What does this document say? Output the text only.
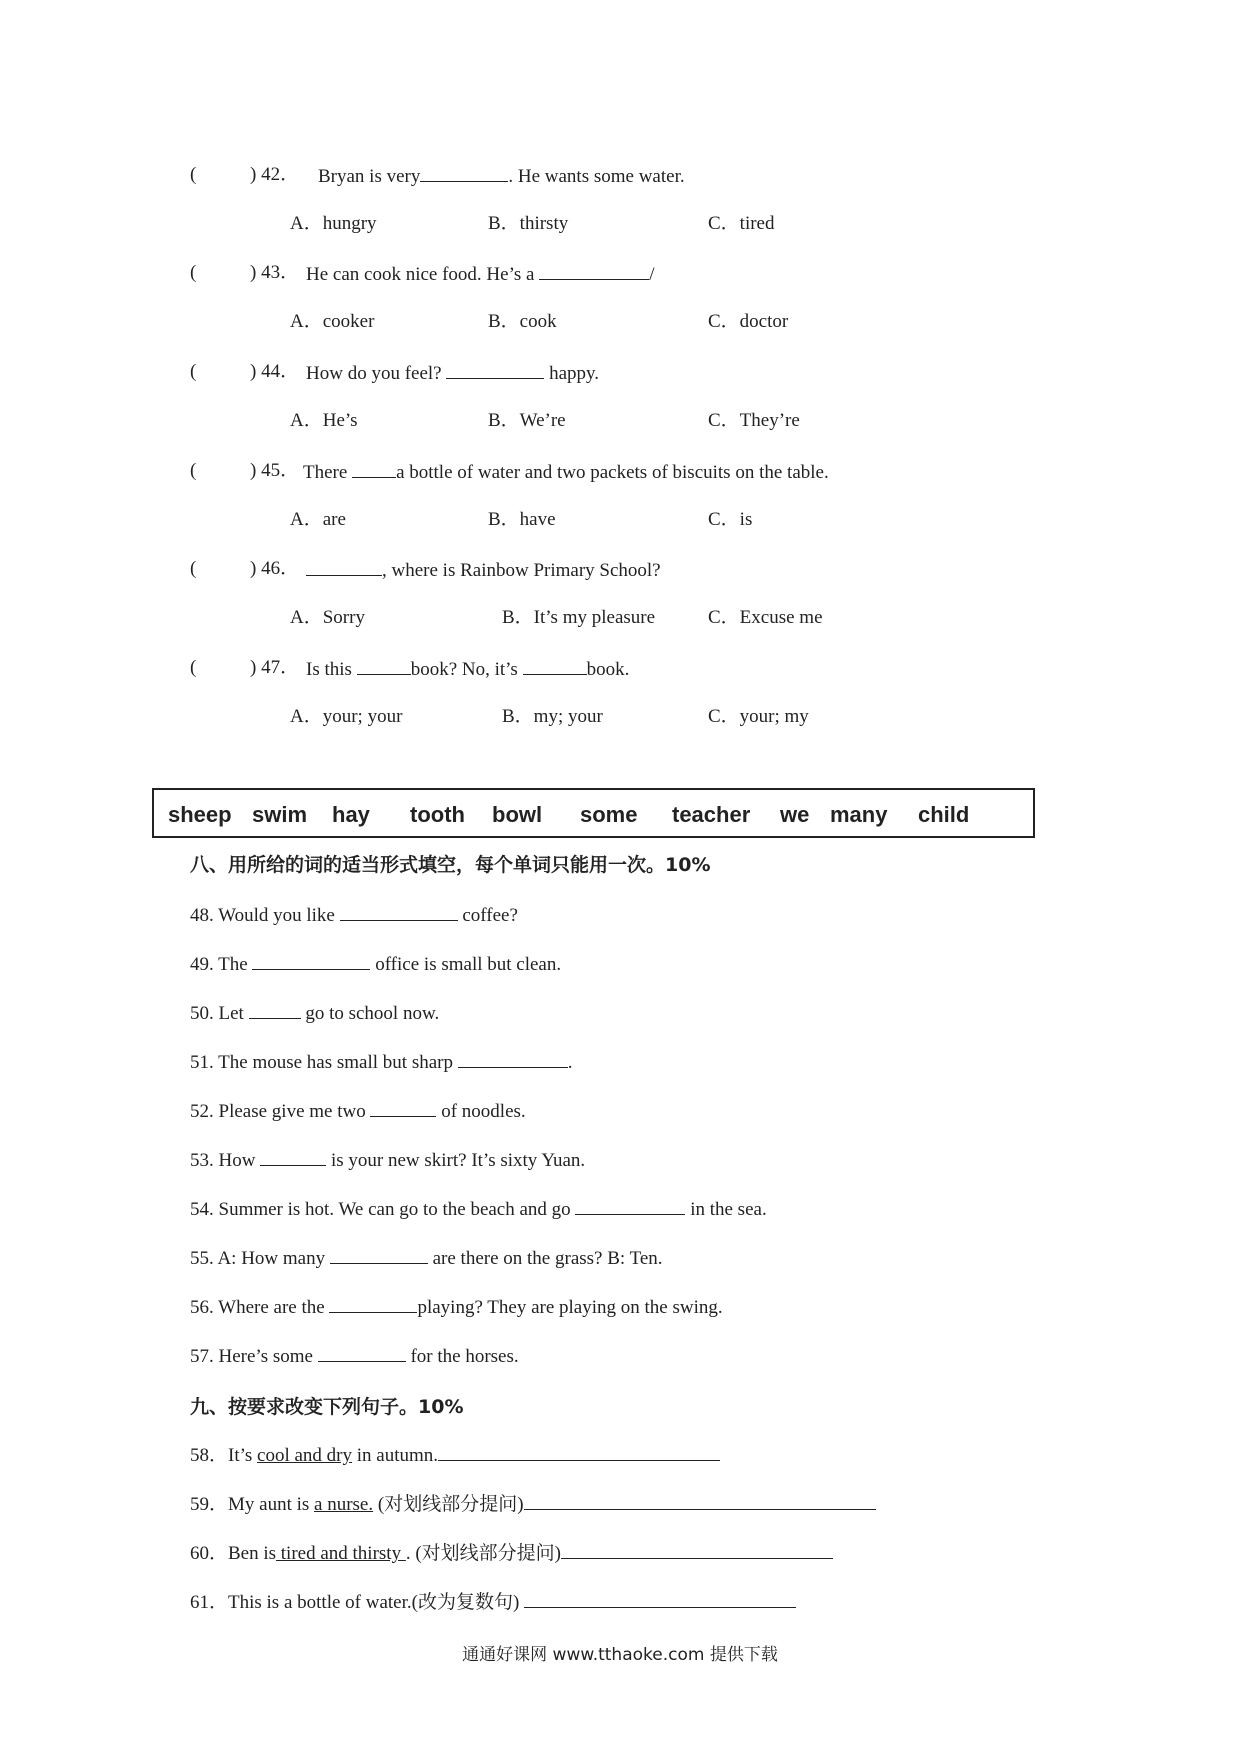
(	) 42． Bryan is very	. He wants some water.
A．hungry	B．thirsty	C．tired
(	) 43． He can cook nice food. He’s a	/
A．cooker	B．cook	C．doctor
(	) 44． How do you feel?	happy.
A．He’s	B．We’re	C．They’re
(	) 45． There a bottle of water and two packets of biscuits on the table.
A．are	B．have	C．is
(	) 46．	, where is Rainbow Primary School?
A．Sorry	B．It’s my pleasure	C．Excuse me
(	) 47． Is this	book? No, it’s	book.
A．your; your	B．my; your	C．your; my
sheep swim hay tooth bowl some teacher we many child
八、用所给的词的适当形式填空，每个单词只能用一次。10%
48. Would you like	coffee?
49. The	office is small but clean.
50. Let	go to school now.
51. The mouse has small but sharp	.
52. Please give me two	of noodles.
53. How	is your new skirt? It’s sixty Yuan.
54. Summer is hot. We can go to the beach and go	in the sea.
55. A: How many	are there on the grass? B: Ten.
56. Where are the	playing? They are playing on the swing.
57. Here’s some	for the horses.
九、按要求改变下列句子。10%
58．It’s cool and dry in autumn.
59．My aunt is a nurse. (对划线部分提问)
60．Ben is tired and thirsty . (对划线部分提问)
61．This is a bottle of water.(改为复数句)
通通好课网 www.tthaoke.com 提供下载
